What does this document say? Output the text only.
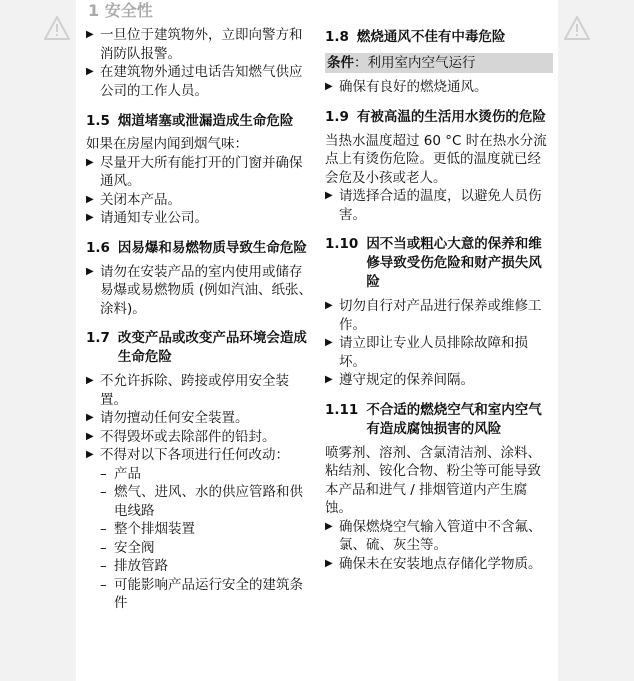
1 安全性
▶ 一旦位于建筑物外，立即向警方和消防队报警。
▶ 在建筑物外通过电话告知燃气供应公司的工作人员。
1.5 烟道堵塞或泄漏造成生命危险

如果在房屋内闻到烟气味：

▶ 尽量开大所有能打开的门窗并确保通风。
▶ 关闭本产品。
▶ 请通知专业公司。
1.6 因易爆和易燃物质导致生命危险
▶ 请勿在安装产品的室内使用或储存易爆或易燃物质 (例如汽油、纸张、涂料)。
1.7 改变产品或改变产品环境会造成生命危险
▶ 不允许拆除、跨接或停用安全装置。
▶ 请勿擅动任何安全装置。
▶ 不得毁坏或去除部件的铅封。
▶ 不得对以下各项进行任何改动：
– 产品
– 燃气、进风、水的供应管路和供电线路
– 整个排烟装置
– 安全阀
– 排放管路
– 可能影响产品运行安全的建筑条件
1.8 燃烧通风不佳有中毒危险
条件：利用室内空气运行
▶ 确保有良好的燃烧通风。
1.9 有被高温的生活用水烫伤的危险

当热水温度超过 60 °C 时在热水分流点上有烫伤危险。更低的温度就已经会危及小孩或老人。

▶ 请选择合适的温度，以避免人员伤害。
1.10 因不当或粗心大意的保养和维修导致受伤危险和财产损失风险
▶ 切勿自行对产品进行保养或维修工作。
▶ 请立即让专业人员排除故障和损坏。
▶ 遵守规定的保养间隔。
1.11 不合适的燃烧空气和室内空气有造成腐蚀损害的风险

喷雾剂、溶剂、含氯清洁剂、涂料、粘结剂、铵化合物、粉尘等可能导致本产品和进气 / 排烟管道内产生腐蚀。

▶ 确保燃烧空气输入管道中不含氟、氯、硫、灰尘等。
▶ 确保未在安装地点存储化学物质。
